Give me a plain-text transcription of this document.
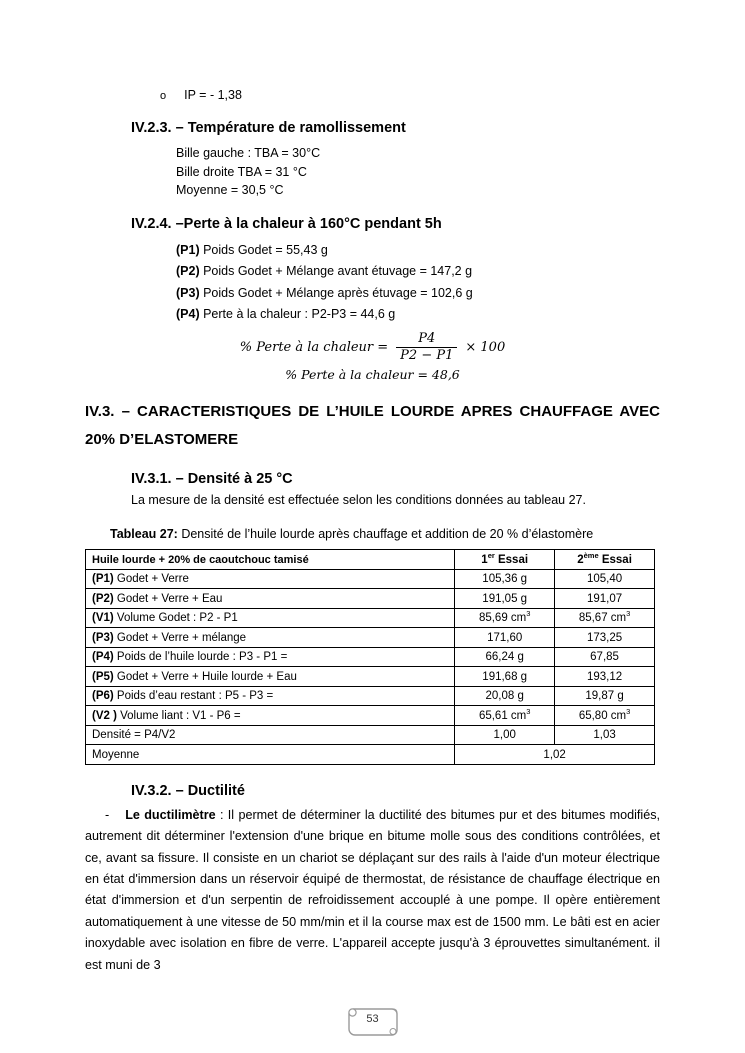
o IP = - 1,38
IV.2.3. – Température de ramollissement
Bille gauche : TBA = 30°C
Bille droite TBA = 31 °C
Moyenne = 30,5 °C
IV.2.4. –Perte à la chaleur à 160°C pendant 5h
(P1) Poids Godet = 55,43 g
(P2) Poids Godet + Mélange avant étuvage = 147,2 g
(P3) Poids Godet + Mélange après étuvage = 102,6 g
(P4) Perte à la chaleur : P2-P3 = 44,6 g
% Perte à la chaleur = $\frac{P4}{P2 - P1} \times 100$
% Perte à la chaleur = 48,6
IV.3. – CARACTERISTIQUES DE L’HUILE LOURDE APRES CHAUFFAGE AVEC 20% D’ELASTOMERE
IV.3.1. – Densité à 25 °C
La mesure de la densité est effectuée selon les conditions données au tableau 27.
Tableau 27: Densité de l’huile lourde après chauffage et addition de 20 % d’élastomère
Huile lourde + 20% de caoutchouc tamisé	1er Essai	2ème Essai
(P1) Godet + Verre	105,36 g	105,40
(P2) Godet + Verre + Eau	191,05 g	191,07
(V1) Volume Godet : P2 - P1	85,69 $cm^3$	85,67 $cm^3$
(P3) Godet + Verre + mélange	171,60	173,25
(P4) Poids de l’huile lourde : P3 - P1 =	66,24 g	67,85
(P5) Godet + Verre + Huile lourde + Eau	191,68 g	193,12
(P6) Poids d’eau restant : P5 - P3 =	20,08 g	19,87 g
(V2 ) Volume liant : V1 - P6 =	65,61 $cm^3$	65,80 $cm^3$
Densité = P4/V2	1,00	1,03
Moyenne	1,02	
IV.3.2. – Ductilité
- Le ductilimètre : Il permet de déterminer la ductilité des bitumes pur et des bitumes modifiés, autrement dit déterminer l'extension d'une brique en bitume molle sous des conditions contrôlées, et ce, avant sa fissure. Il consiste en un chariot se déplaçant sur des rails à l'aide d'un moteur électrique en état d'immersion dans un réservoir équipé de thermostat, de résistance de chauffage électrique en état d'immersion et d'un serpentin de refroidissement accouplé à une pompe. Il opère entièrement automatiquement à une vitesse de 50 mm/min et il la course max est de 1500 mm. Le bâti est en acier inoxydable avec isolation en fibre de verre. L'appareil accepte jusqu'à 3 éprouvettes simultanément. il est muni de 3
53
